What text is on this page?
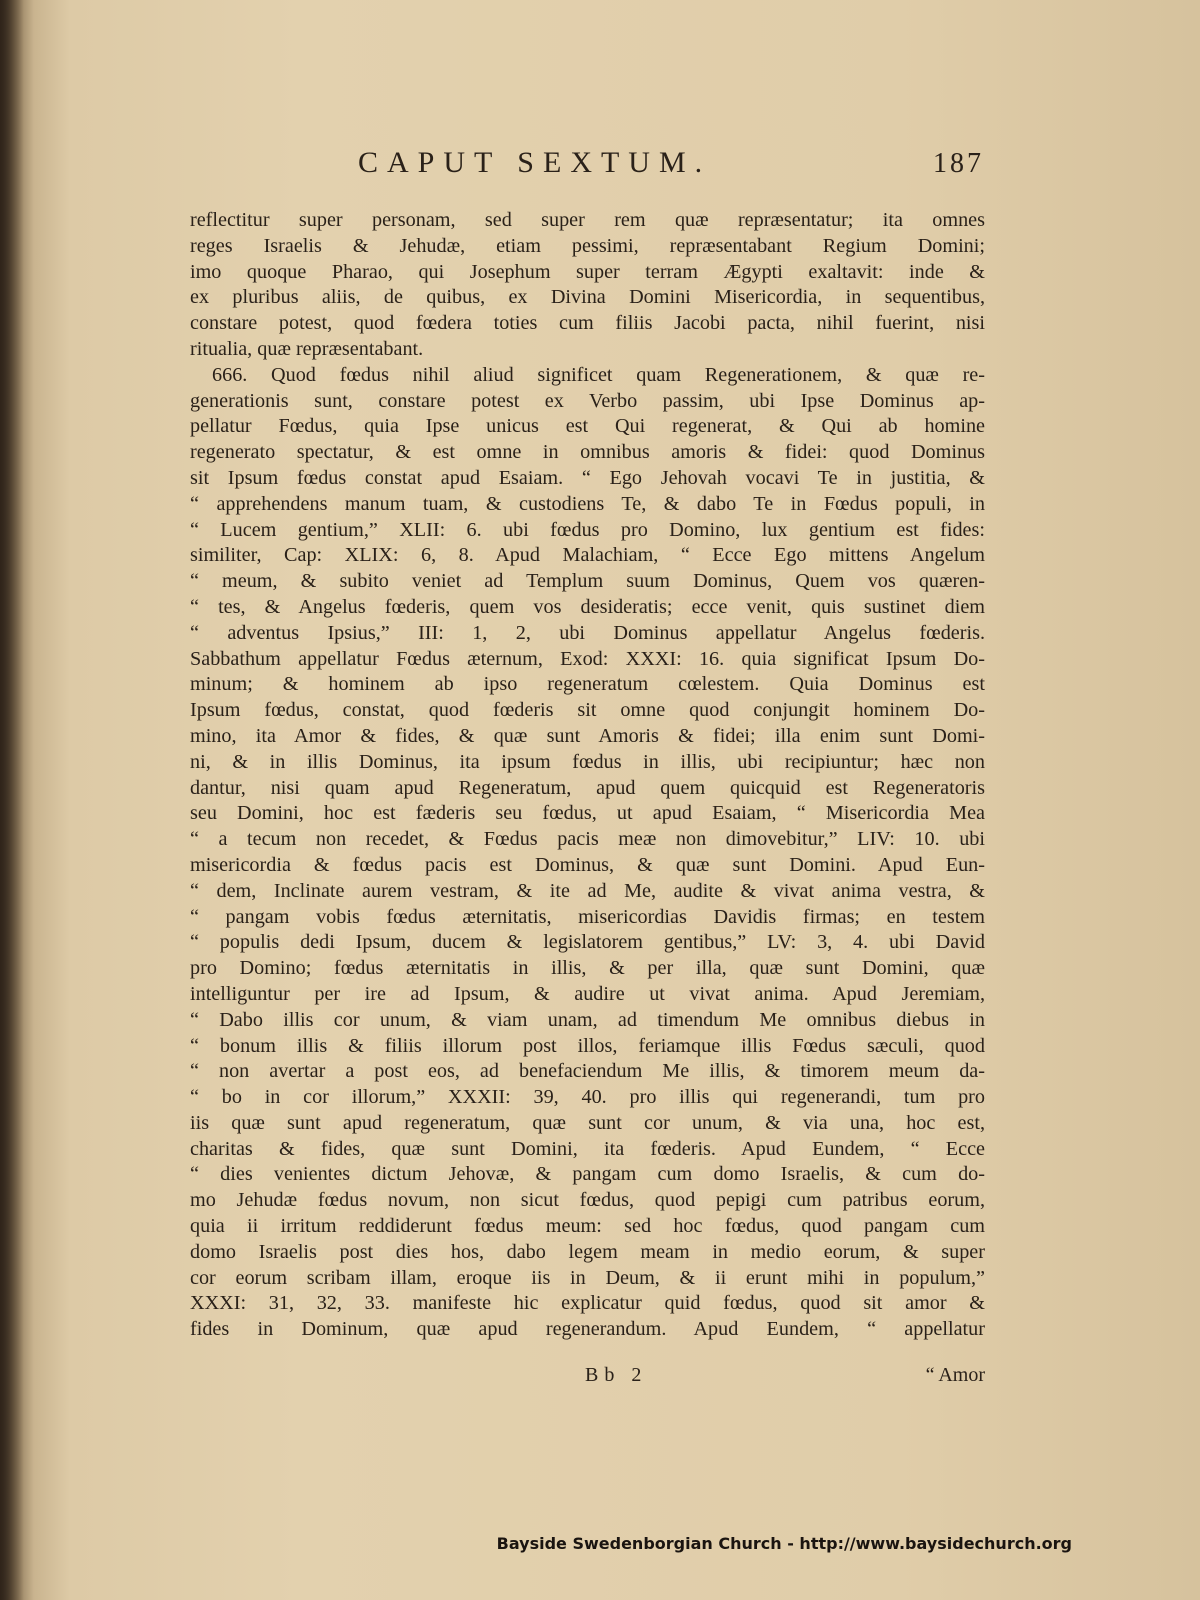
CAPUT SEXTUM.	187
reflectitur super personam, sed super rem quæ repræsentatur; ita omnes
reges Israelis & Jehudæ, etiam pessimi, repræsentabant Regium Domini;
imo quoque Pharao, qui Josephum super terram Ægypti exaltavit: inde &
ex pluribus aliis, de quibus, ex Divina Domini Misericordia, in sequentibus,
constare potest, quod fœdera toties cum filiis Jacobi pacta, nihil fuerint, nisi
ritualia, quæ repræsentabant.
666. Quod fœdus nihil aliud significet quam Regenerationem, & quæ re-
generationis sunt, constare potest ex Verbo passim, ubi Ipse Dominus ap-
pellatur Fœdus, quia Ipse unicus est Qui regenerat, & Qui ab homine
regenerato spectatur, & est omne in omnibus amoris & fidei: quod Dominus
sit Ipsum fœdus constat apud Esaiam. “ Ego Jehovah vocavi Te in justitia, &
“ apprehendens manum tuam, & custodiens Te, & dabo Te in Fœdus populi, in
“ Lucem gentium,” XLII: 6. ubi fœdus pro Domino, lux gentium est fides:
similiter, Cap: XLIX: 6, 8. Apud Malachiam, “ Ecce Ego mittens Angelum
“ meum, & subito veniet ad Templum suum Dominus, Quem vos quæren-
“ tes, & Angelus fœderis, quem vos desideratis; ecce venit, quis sustinet diem
“ adventus Ipsius,” III: 1, 2, ubi Dominus appellatur Angelus fœderis.
Sabbathum appellatur Fœdus æternum, Exod: XXXI: 16. quia significat Ipsum Do-
minum; & hominem ab ipso regeneratum cœlestem. Quia Dominus est
Ipsum fœdus, constat, quod fœderis sit omne quod conjungit hominem Do-
mino, ita Amor & fides, & quæ sunt Amoris & fidei; illa enim sunt Domi-
ni, & in illis Dominus, ita ipsum fœdus in illis, ubi recipiuntur; hæc non
dantur, nisi quam apud Regeneratum, apud quem quicquid est Regeneratoris
seu Domini, hoc est fæderis seu fœdus, ut apud Esaiam, “ Misericordia Mea
“ a tecum non recedet, & Fœdus pacis meæ non dimovebitur,” LIV: 10. ubi
misericordia & fœdus pacis est Dominus, & quæ sunt Domini. Apud Eun-
“ dem, Inclinate aurem vestram, & ite ad Me, audite & vivat anima vestra, &
“ pangam vobis fœdus æternitatis, misericordias Davidis firmas; en testem
“ populis dedi Ipsum, ducem & legislatorem gentibus,” LV: 3, 4. ubi David
pro Domino; fœdus æternitatis in illis, & per illa, quæ sunt Domini, quæ
intelliguntur per ire ad Ipsum, & audire ut vivat anima. Apud Jeremiam,
“ Dabo illis cor unum, & viam unam, ad timendum Me omnibus diebus in
“ bonum illis & filiis illorum post illos, feriamque illis Fœdus sæculi, quod
“ non avertar a post eos, ad benefaciendum Me illis, & timorem meum da-
“ bo in cor illorum,” XXXII: 39, 40. pro illis qui regenerandi, tum pro
iis quæ sunt apud regeneratum, quæ sunt cor unum, & via una, hoc est,
charitas & fides, quæ sunt Domini, ita fœderis. Apud Eundem, “ Ecce
“ dies venientes dictum Jehovæ, & pangam cum domo Israelis, & cum do-
mo Jehudæ fœdus novum, non sicut fœdus, quod pepigi cum patribus eorum,
quia ii irritum reddiderunt fœdus meum: sed hoc fœdus, quod pangam cum
domo Israelis post dies hos, dabo legem meam in medio eorum, & super
cor eorum scribam illam, eroque iis in Deum, & ii erunt mihi in populum,”
XXXI: 31, 32, 33. manifeste hic explicatur quid fœdus, quod sit amor &
fides in Dominum, quæ apud regenerandum. Apud Eundem, “ appellatur
Bb 2	“ Amor
Bayside Swedenborgian Church - http://www.baysidechurch.org
